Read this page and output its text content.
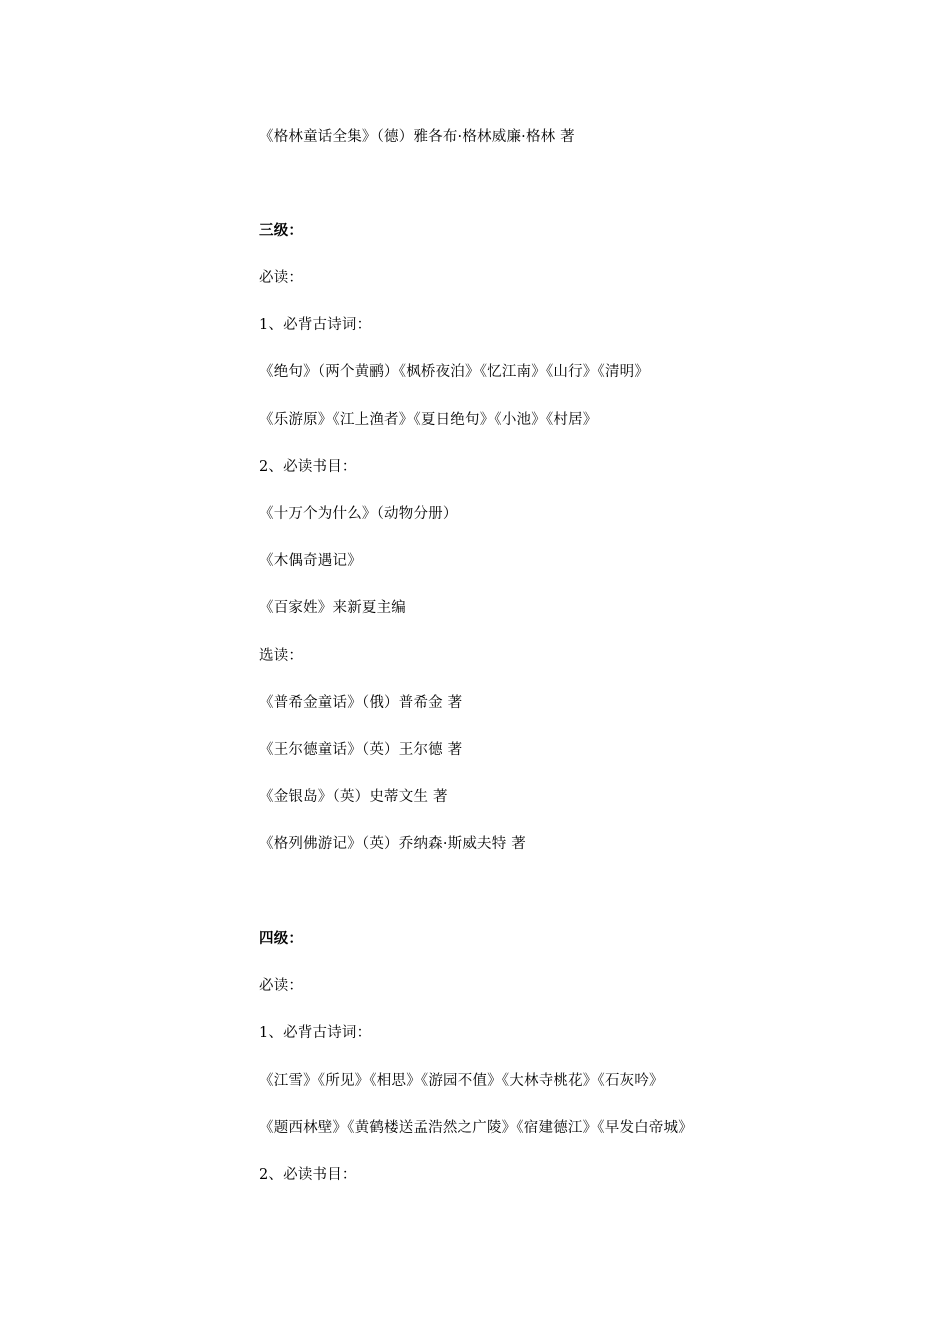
《格林童话全集》（德）雅各布·格林威廉·格林 著
三级：
必读：
1、必背古诗词：
《绝句》（两个黄鹂）《枫桥夜泊》《忆江南》《山行》《清明》
《乐游原》《江上渔者》《夏日绝句》《小池》《村居》
2、必读书目：
《十万个为什么》（动物分册）
《木偶奇遇记》
《百家姓》来新夏主编
选读：
《普希金童话》（俄）普希金 著
《王尔德童话》（英）王尔德 著
《金银岛》（英）史蒂文生 著
《格列佛游记》（英）乔纳森·斯威夫特 著
四级：
必读：
1、必背古诗词：
《江雪》《所见》《相思》《游园不值》《大林寺桃花》《石灰吟》
《题西林壁》《黄鹤楼送孟浩然之广陵》《宿建德江》《早发白帝城》
2、必读书目：
